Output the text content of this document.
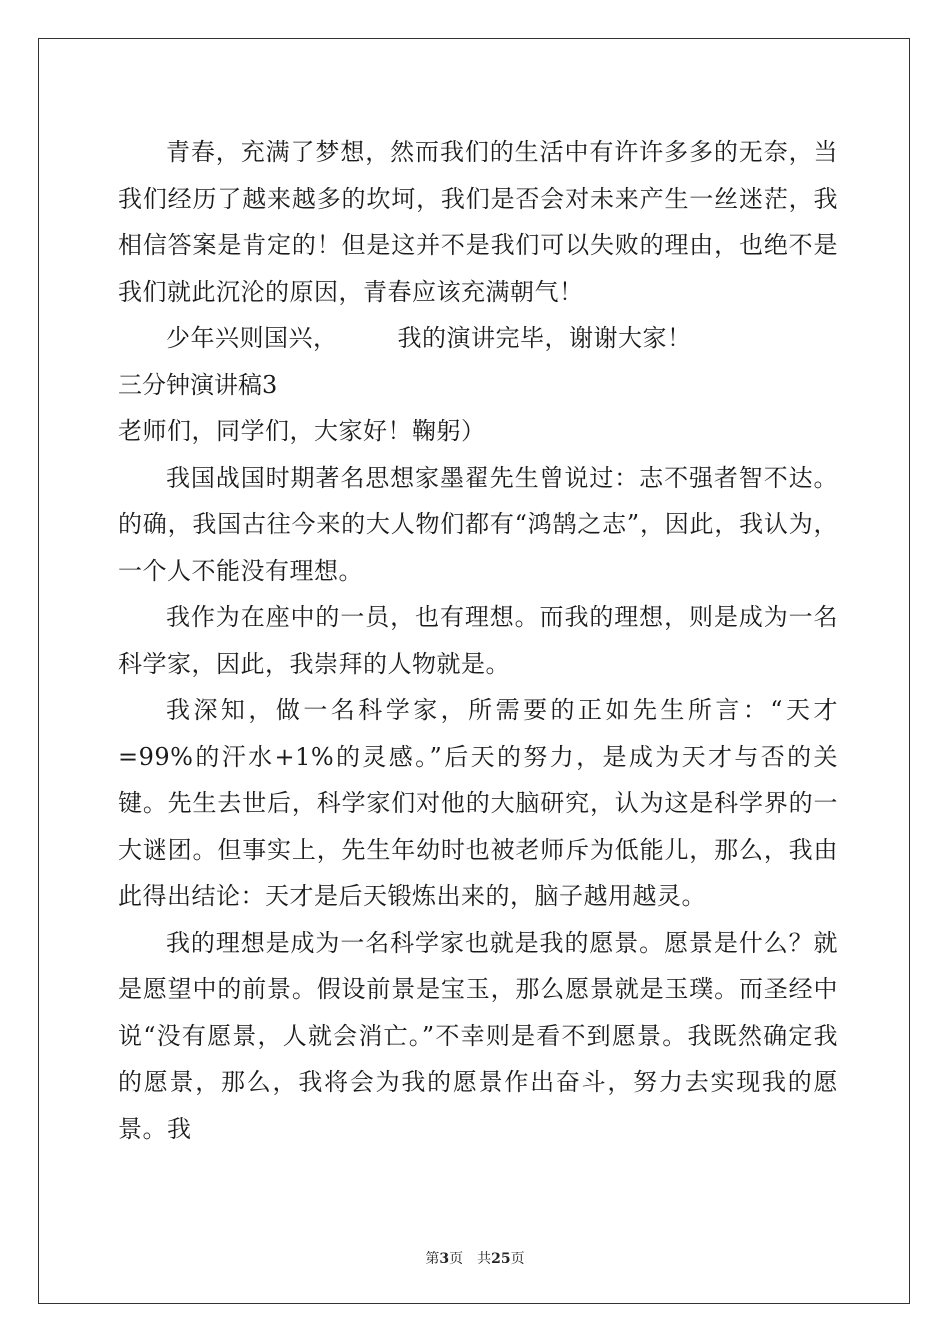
青春，充满了梦想，然而我们的生活中有许许多多的无奈，当我们经历了越来越多的坎坷，我们是否会对未来产生一丝迷茫，我相信答案是肯定的！但是这并不是我们可以失败的理由，也绝不是我们就此沉沦的原因，青春应该充满朝气！

少年兴则国兴，	我的演讲完毕，谢谢大家！

三分钟演讲稿3

老师们，同学们，大家好！鞠躬）

我国战国时期著名思想家墨翟先生曾说过：志不强者智不达。的确，我国古往今来的大人物们都有“鸿鹄之志”，因此，我认为，一个人不能没有理想。

我作为在座中的一员，也有理想。而我的理想，则是成为一名科学家，因此，我崇拜的人物就是。

我深知，做一名科学家，所需要的正如先生所言：“天才=99%的汗水+1%的灵感。”后天的努力，是成为天才与否的关键。先生去世后，科学家们对他的大脑研究，认为这是科学界的一大谜团。但事实上，先生年幼时也被老师斥为低能儿，那么，我由此得出结论：天才是后天锻炼出来的，脑子越用越灵。

我的理想是成为一名科学家也就是我的愿景。愿景是什么？就是愿望中的前景。假设前景是宝玉，那么愿景就是玉璞。而圣经中说“没有愿景，人就会消亡。”不幸则是看不到愿景。我既然确定我的愿景，那么，我将会为我的愿景作出奋斗，努力去实现我的愿景。我

第3页 共25页
